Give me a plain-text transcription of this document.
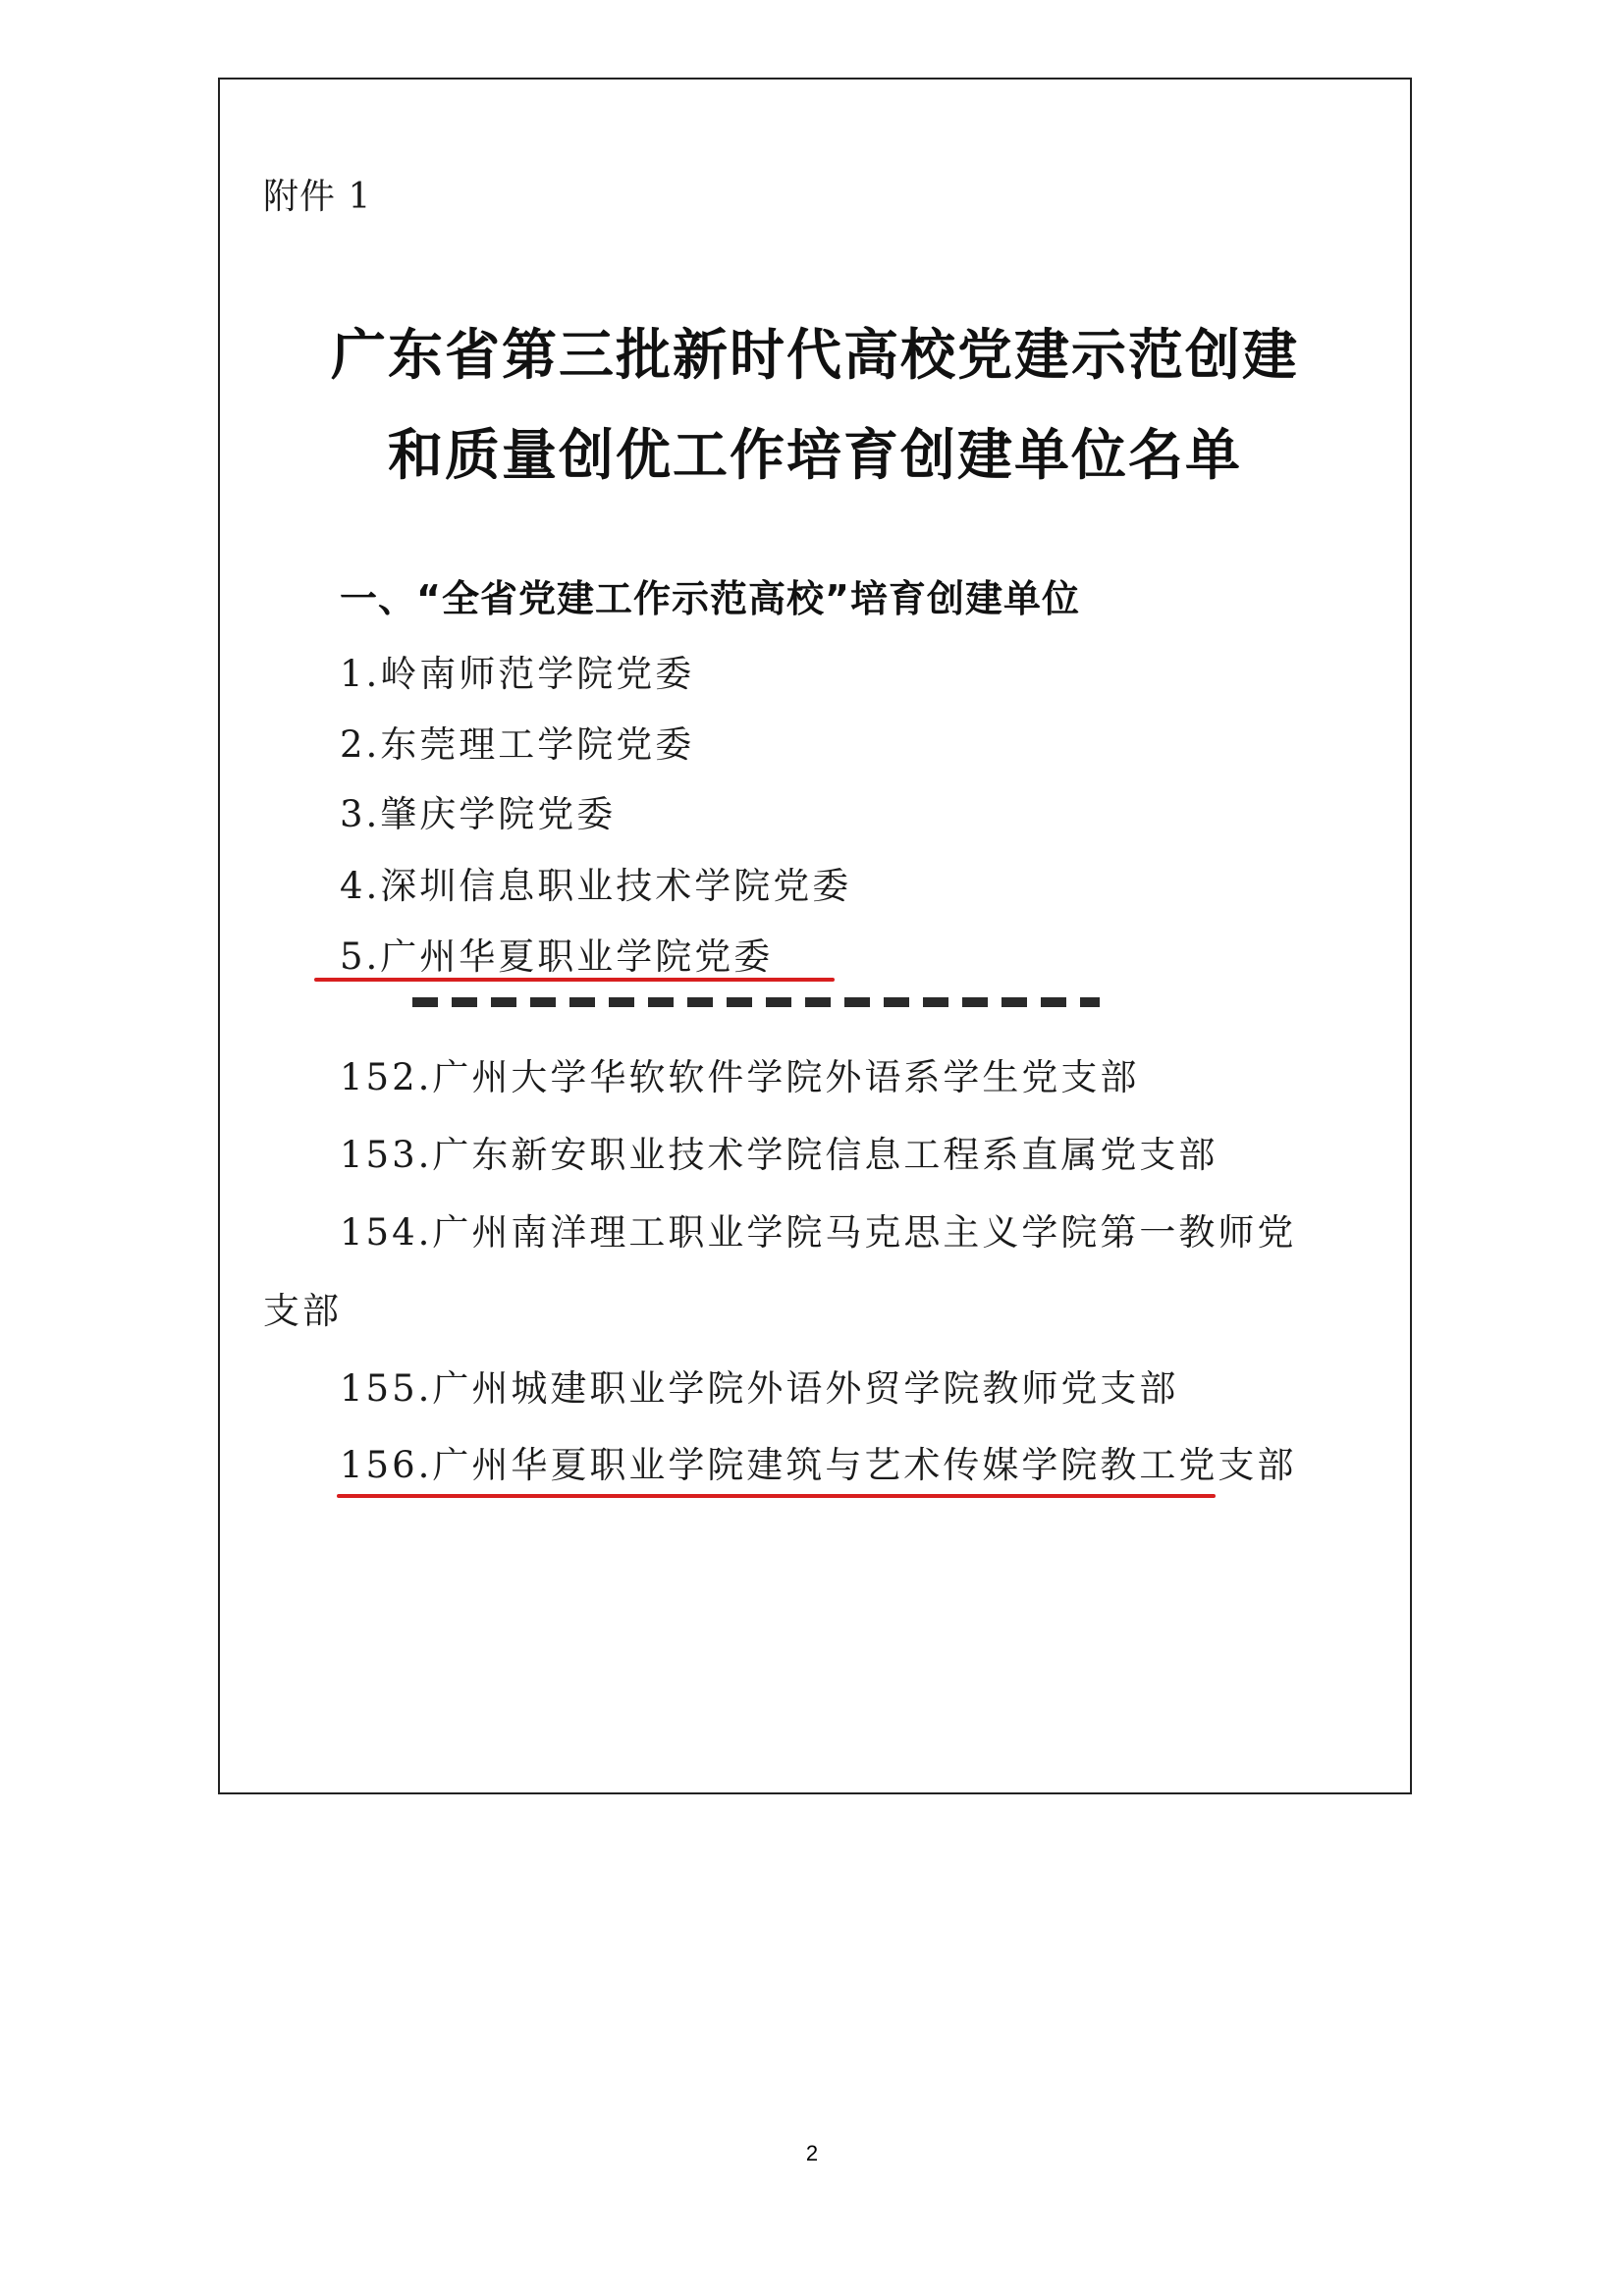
附件 1
广东省第三批新时代高校党建示范创建
和质量创优工作培育创建单位名单
一、“全省党建工作示范高校”培育创建单位
1.岭南师范学院党委
2.东莞理工学院党委
3.肇庆学院党委
4.深圳信息职业技术学院党委
5.广州华夏职业学院党委
152.广州大学华软软件学院外语系学生党支部
153.广东新安职业技术学院信息工程系直属党支部
154.广州南洋理工职业学院马克思主义学院第一教师党
支部
155.广州城建职业学院外语外贸学院教师党支部
156.广州华夏职业学院建筑与艺术传媒学院教工党支部
2
